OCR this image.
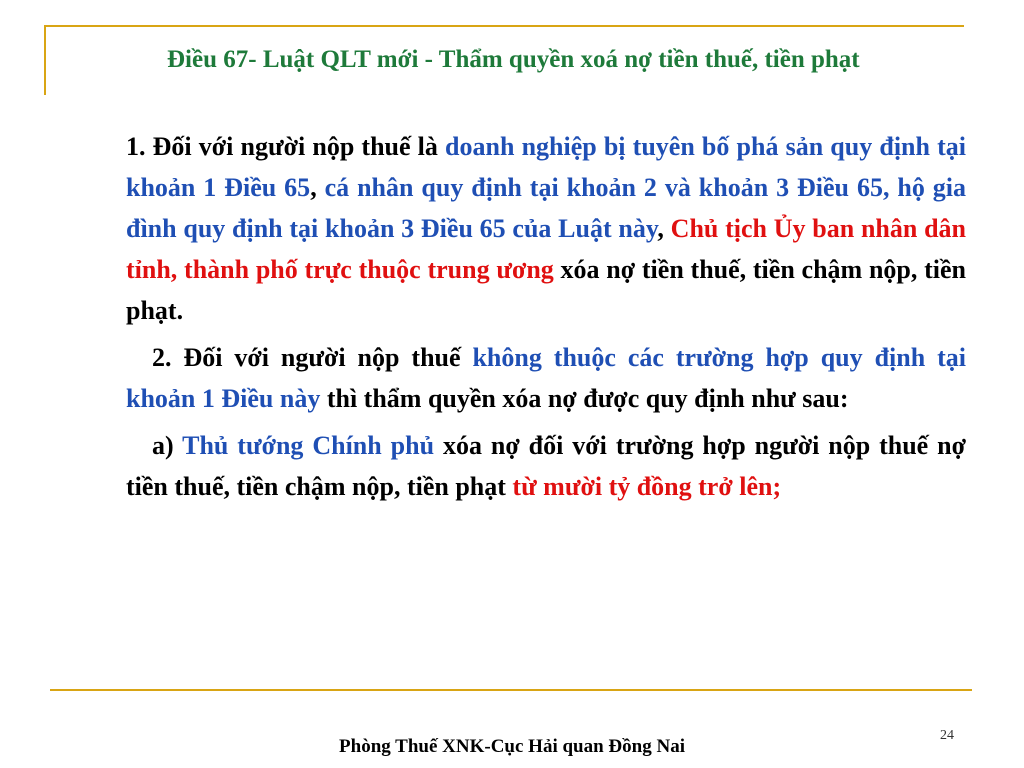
Điều 67- Luật QLT mới - Thẩm quyền xoá nợ tiền thuế, tiền phạt

1. Đối với người nộp thuế là doanh nghiệp bị tuyên bố phá sản quy định tại khoản 1 Điều 65, cá nhân quy định tại khoản 2 và khoản 3 Điều 65, hộ gia đình quy định tại khoản 3 Điều 65 của Luật này, Chủ tịch Ủy ban nhân dân tỉnh, thành phố trực thuộc trung ương xóa nợ tiền thuế, tiền chậm nộp, tiền phạt.

2. Đối với người nộp thuế không thuộc các trường hợp quy định tại khoản 1 Điều này thì thẩm quyền xóa nợ được quy định như sau:

a) Thủ tướng Chính phủ xóa nợ đối với trường hợp người nộp thuế nợ tiền thuế, tiền chậm nộp, tiền phạt từ mười tỷ đồng trở lên;

24

Phòng Thuế XNK-Cục Hải quan Đồng Nai
